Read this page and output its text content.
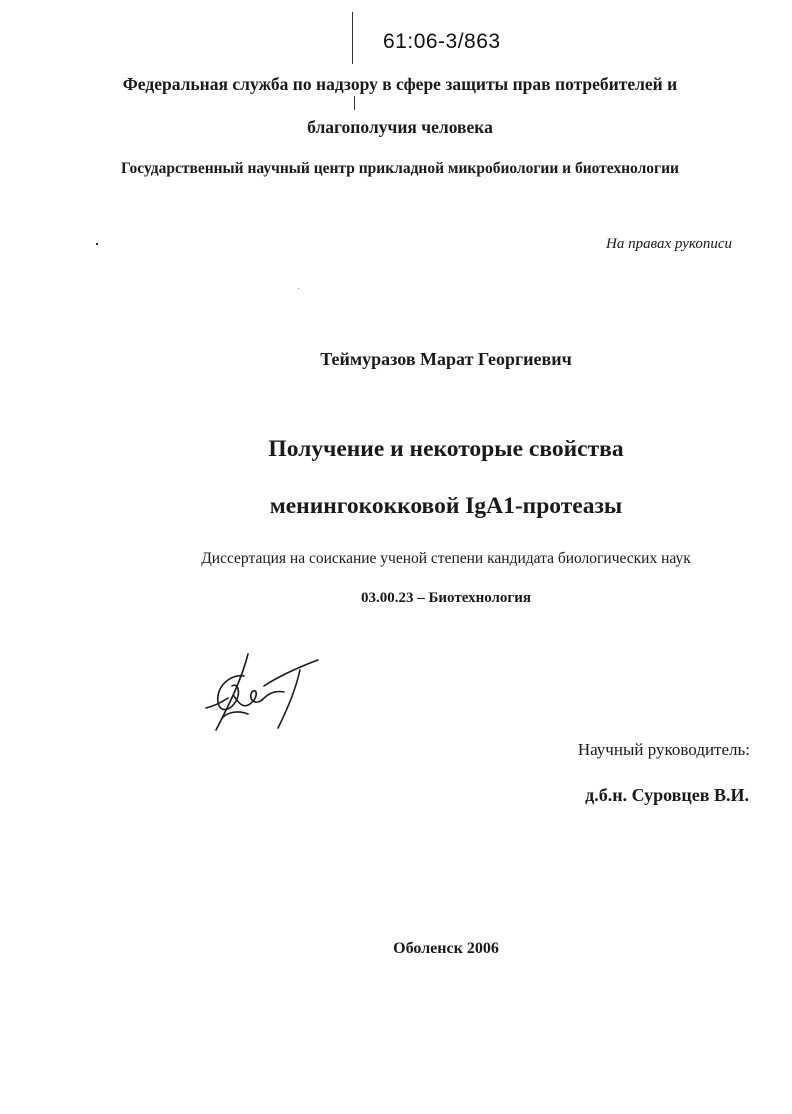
61:06-3/863
Федеральная служба по надзору в сфере защиты прав потребителей и
благополучия человека
Государственный научный центр прикладной микробиологии и биотехнологии
На правах рукописи
Теймуразов Марат Георгиевич
Получение и некоторые свойства
менингококковой IgA1-протеазы
Диссертация на соискание ученой степени кандидата биологических наук
03.00.23 – Биотехнология
Научный руководитель:
д.б.н. Суровцев В.И.
Оболенск 2006
